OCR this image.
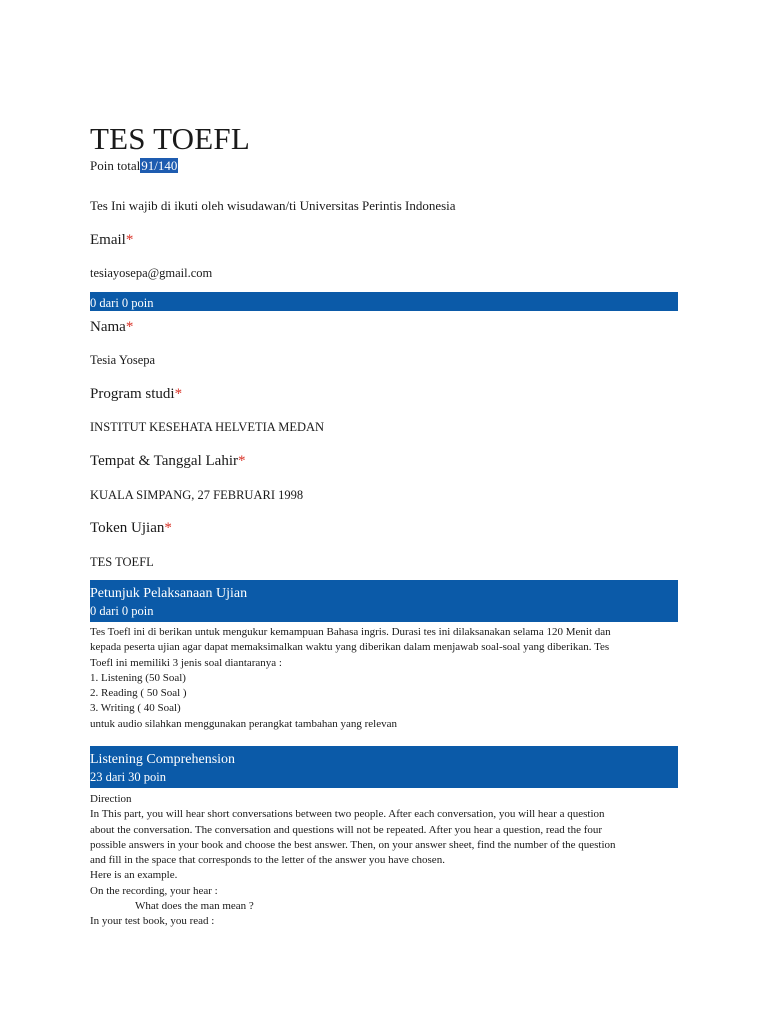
TES TOEFL
Poin total91/140
Tes Ini wajib di ikuti oleh wisudawan/ti Universitas Perintis Indonesia
Email*
tesiayosepa@gmail.com
0 dari 0 poin
Nama*
Tesia Yosepa
Program studi*
INSTITUT KESEHATA HELVETIA MEDAN
Tempat & Tanggal Lahir*
KUALA SIMPANG, 27 FEBRUARI 1998
Token Ujian*
TES TOEFL
Petunjuk Pelaksanaan Ujian
0 dari 0 poin

Tes Toefl ini di berikan untuk mengukur kemampuan Bahasa ingris. Durasi tes ini dilaksanakan selama 120 Menit dan

kepada peserta ujian agar dapat memaksimalkan waktu yang diberikan dalam menjawab soal-soal yang diberikan. Tes

Toefl ini memiliki 3 jenis soal diantaranya :

1. Listening (50 Soal)

2. Reading ( 50 Soal )

3. Writing ( 40 Soal)

untuk audio silahkan menggunakan perangkat tambahan yang relevan

Listening Comprehension
23 dari 30 poin

Direction

In This part, you will hear short conversations between two people. After each conversation, you will hear a question

about the conversation. The conversation and questions will not be repeated. After you hear a question, read the four

possible answers in your book and choose the best answer. Then, on your answer sheet, find the number of the question

and fill in the space that corresponds to the letter of the answer you have chosen.

Here is an example.

On the recording, your hear :

What does the man mean ?

In your test book, you read :
